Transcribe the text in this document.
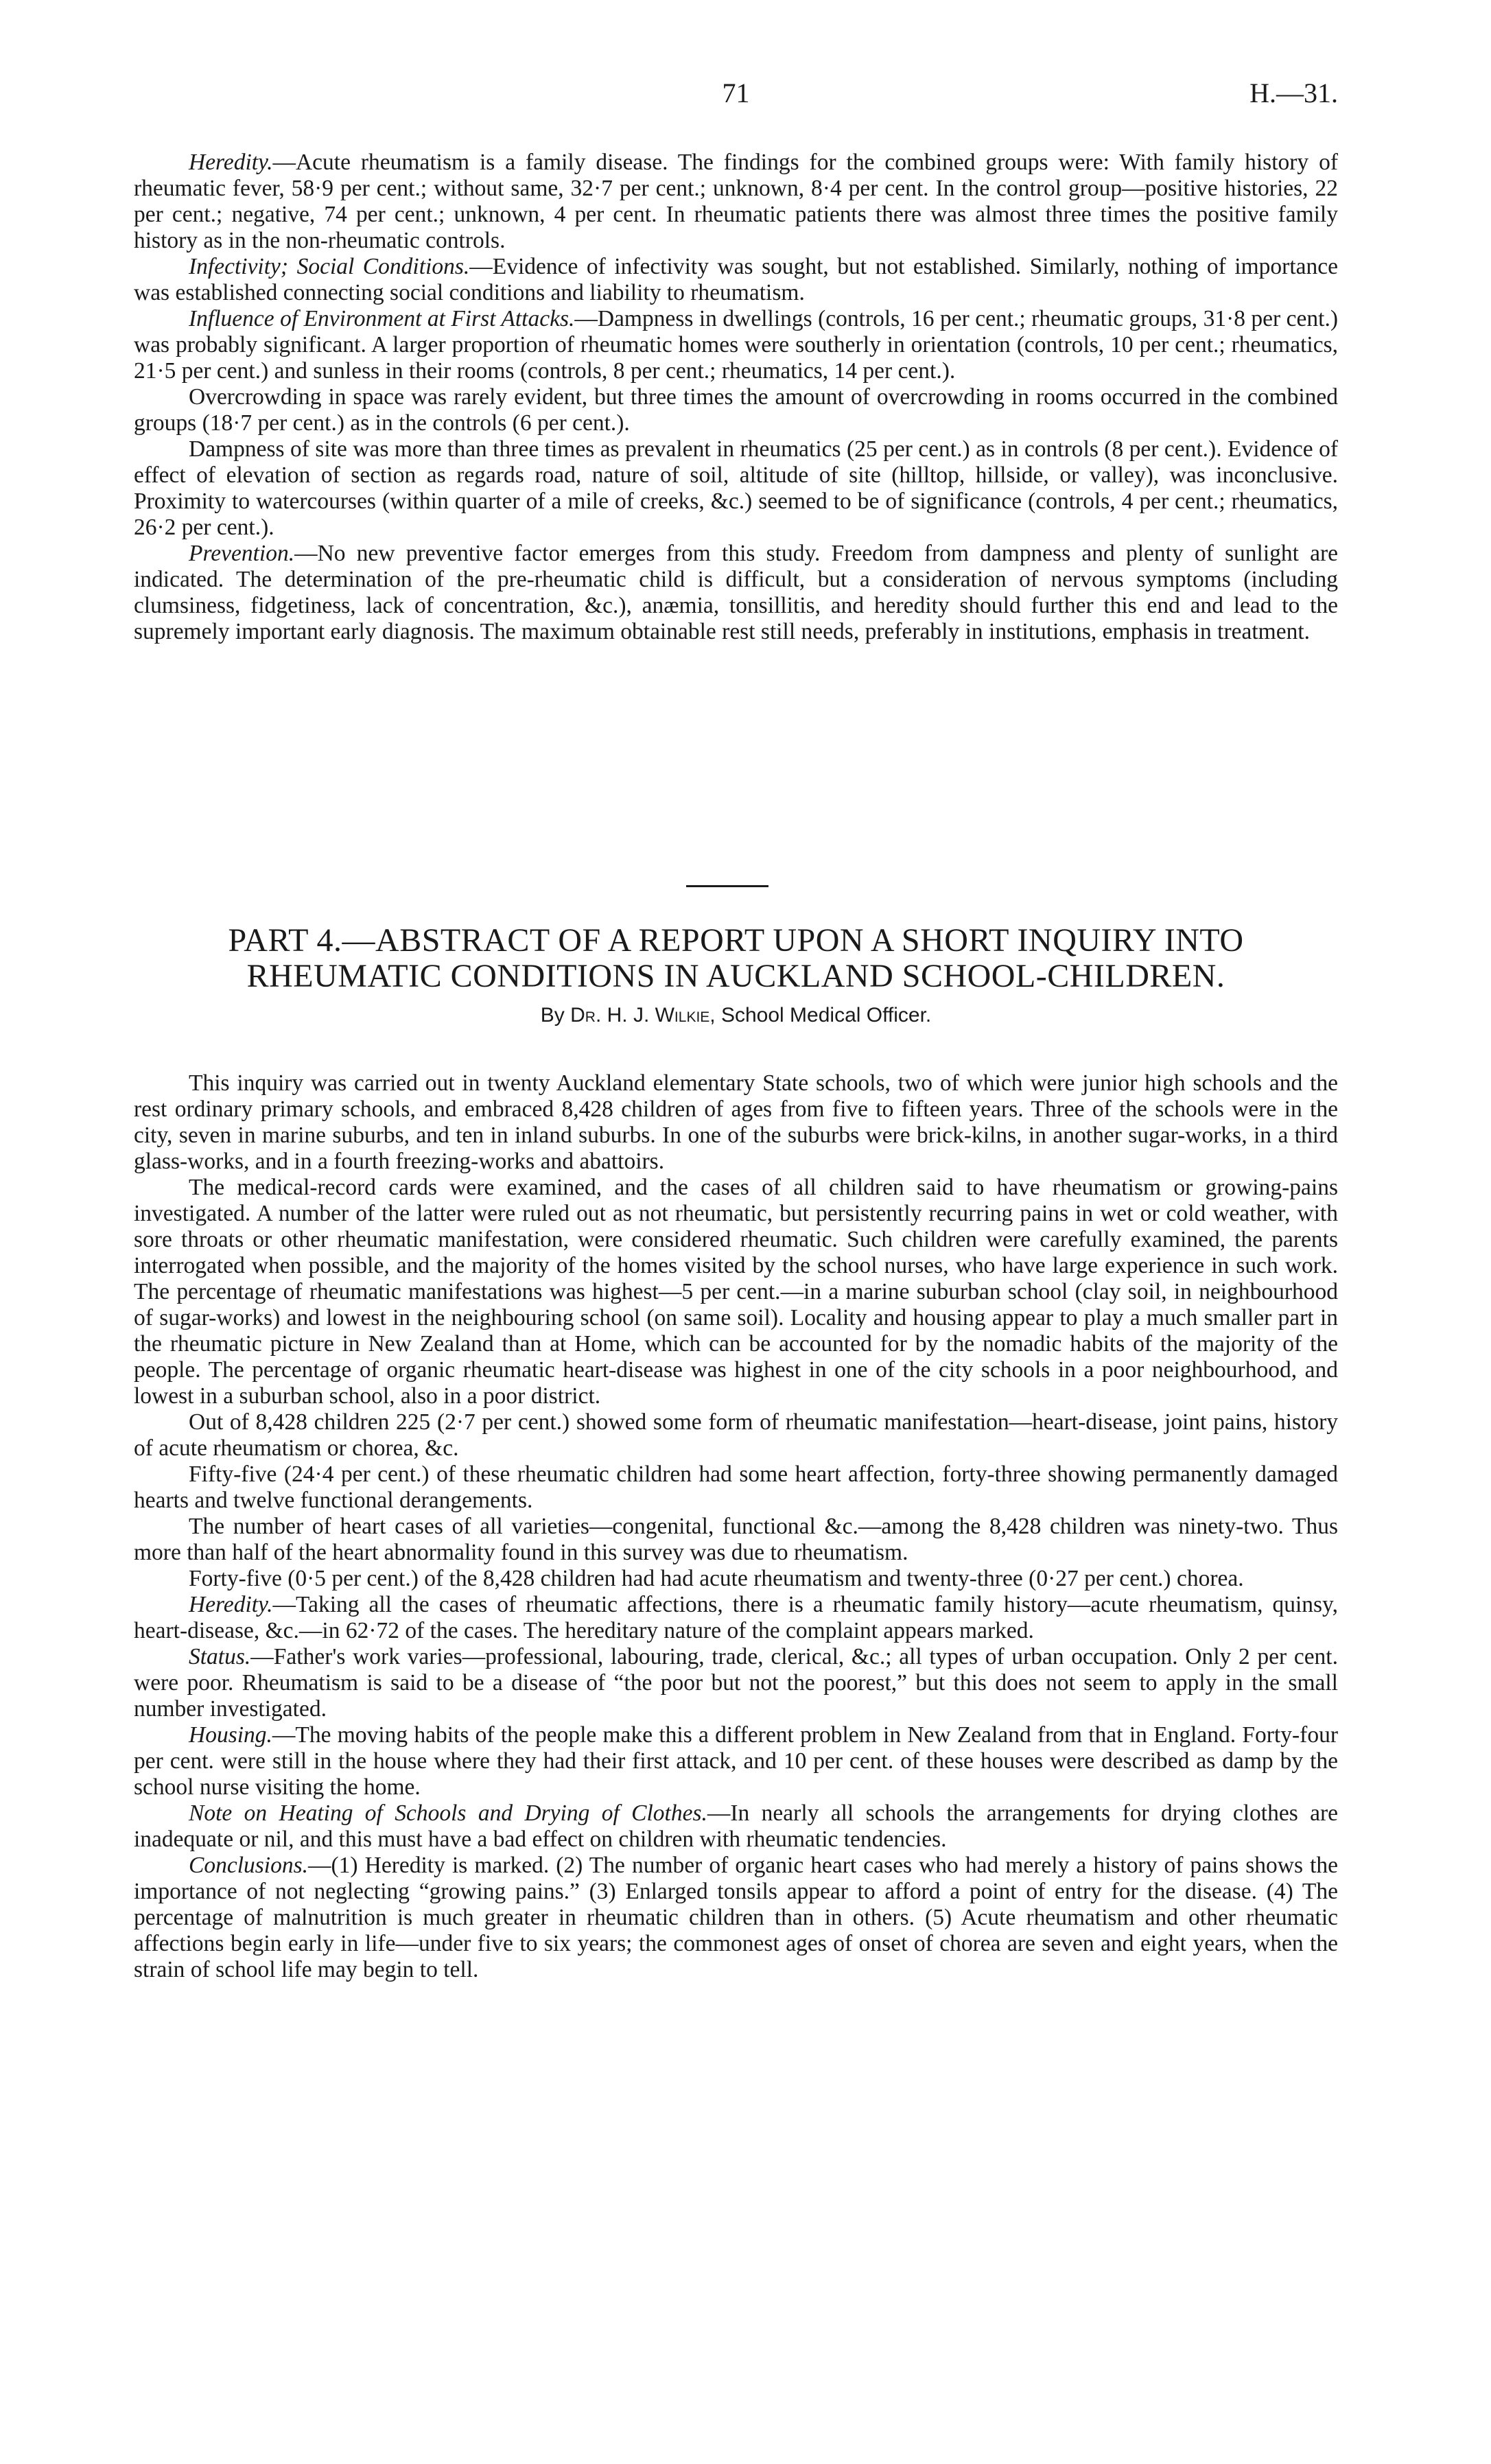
71	H.—31.

Heredity.—Acute rheumatism is a family disease. The findings for the combined groups were: With family history of rheumatic fever, 58·9 per cent.; without same, 32·7 per cent.; unknown, 8·4 per cent. In the control group—positive histories, 22 per cent.; negative, 74 per cent.; unknown, 4 per cent. In rheumatic patients there was almost three times the positive family history as in the non-rheumatic controls.

Infectivity; Social Conditions.—Evidence of infectivity was sought, but not established. Similarly, nothing of importance was established connecting social conditions and liability to rheumatism.

Influence of Environment at First Attacks.—Dampness in dwellings (controls, 16 per cent.; rheumatic groups, 31·8 per cent.) was probably significant. A larger proportion of rheumatic homes were southerly in orientation (controls, 10 per cent.; rheumatics, 21·5 per cent.) and sunless in their rooms (controls, 8 per cent.; rheumatics, 14 per cent.).

Overcrowding in space was rarely evident, but three times the amount of overcrowding in rooms occurred in the combined groups (18·7 per cent.) as in the controls (6 per cent.).

Dampness of site was more than three times as prevalent in rheumatics (25 per cent.) as in controls (8 per cent.). Evidence of effect of elevation of section as regards road, nature of soil, altitude of site (hilltop, hillside, or valley), was inconclusive. Proximity to watercourses (within quarter of a mile of creeks, &c.) seemed to be of significance (controls, 4 per cent.; rheumatics, 26·2 per cent.).

Prevention.—No new preventive factor emerges from this study. Freedom from dampness and plenty of sunlight are indicated. The determination of the pre-rheumatic child is difficult, but a consideration of nervous symptoms (including clumsiness, fidgetiness, lack of concentration, &c.), anæmia, tonsillitis, and heredity should further this end and lead to the supremely important early diagnosis. The maximum obtainable rest still needs, preferably in institutions, emphasis in treatment.

PART 4.—ABSTRACT OF A REPORT UPON A SHORT INQUIRY INTO RHEUMATIC CONDITIONS IN AUCKLAND SCHOOL-CHILDREN.
By Dr. H. J. Wilkie, School Medical Officer.

This inquiry was carried out in twenty Auckland elementary State schools, two of which were junior high schools and the rest ordinary primary schools, and embraced 8,428 children of ages from five to fifteen years. Three of the schools were in the city, seven in marine suburbs, and ten in inland suburbs. In one of the suburbs were brick-kilns, in another sugar-works, in a third glass-works, and in a fourth freezing-works and abattoirs.

The medical-record cards were examined, and the cases of all children said to have rheumatism or growing-pains investigated. A number of the latter were ruled out as not rheumatic, but persistently recurring pains in wet or cold weather, with sore throats or other rheumatic manifestation, were considered rheumatic. Such children were carefully examined, the parents interrogated when possible, and the majority of the homes visited by the school nurses, who have large experience in such work. The percentage of rheumatic manifestations was highest—5 per cent.—in a marine suburban school (clay soil, in neighbourhood of sugar-works) and lowest in the neighbouring school (on same soil). Locality and housing appear to play a much smaller part in the rheumatic picture in New Zealand than at Home, which can be accounted for by the nomadic habits of the majority of the people. The percentage of organic rheumatic heart-disease was highest in one of the city schools in a poor neighbourhood, and lowest in a suburban school, also in a poor district.

Out of 8,428 children 225 (2·7 per cent.) showed some form of rheumatic manifestation—heart-disease, joint pains, history of acute rheumatism or chorea, &c.

Fifty-five (24·4 per cent.) of these rheumatic children had some heart affection, forty-three showing permanently damaged hearts and twelve functional derangements.

The number of heart cases of all varieties—congenital, functional &c.—among the 8,428 children was ninety-two. Thus more than half of the heart abnormality found in this survey was due to rheumatism.

Forty-five (0·5 per cent.) of the 8,428 children had had acute rheumatism and twenty-three (0·27 per cent.) chorea.

Heredity.—Taking all the cases of rheumatic affections, there is a rheumatic family history—acute rheumatism, quinsy, heart-disease, &c.—in 62·72 of the cases. The hereditary nature of the complaint appears marked.

Status.—Father's work varies—professional, labouring, trade, clerical, &c.; all types of urban occupation. Only 2 per cent. were poor. Rheumatism is said to be a disease of “the poor but not the poorest,” but this does not seem to apply in the small number investigated.

Housing.—The moving habits of the people make this a different problem in New Zealand from that in England. Forty-four per cent. were still in the house where they had their first attack, and 10 per cent. of these houses were described as damp by the school nurse visiting the home.

Note on Heating of Schools and Drying of Clothes.—In nearly all schools the arrangements for drying clothes are inadequate or nil, and this must have a bad effect on children with rheumatic tendencies.

Conclusions.—(1) Heredity is marked. (2) The number of organic heart cases who had merely a history of pains shows the importance of not neglecting “growing pains.” (3) Enlarged tonsils appear to afford a point of entry for the disease. (4) The percentage of malnutrition is much greater in rheumatic children than in others. (5) Acute rheumatism and other rheumatic affections begin early in life—under five to six years; the commonest ages of onset of chorea are seven and eight years, when the strain of school life may begin to tell.
